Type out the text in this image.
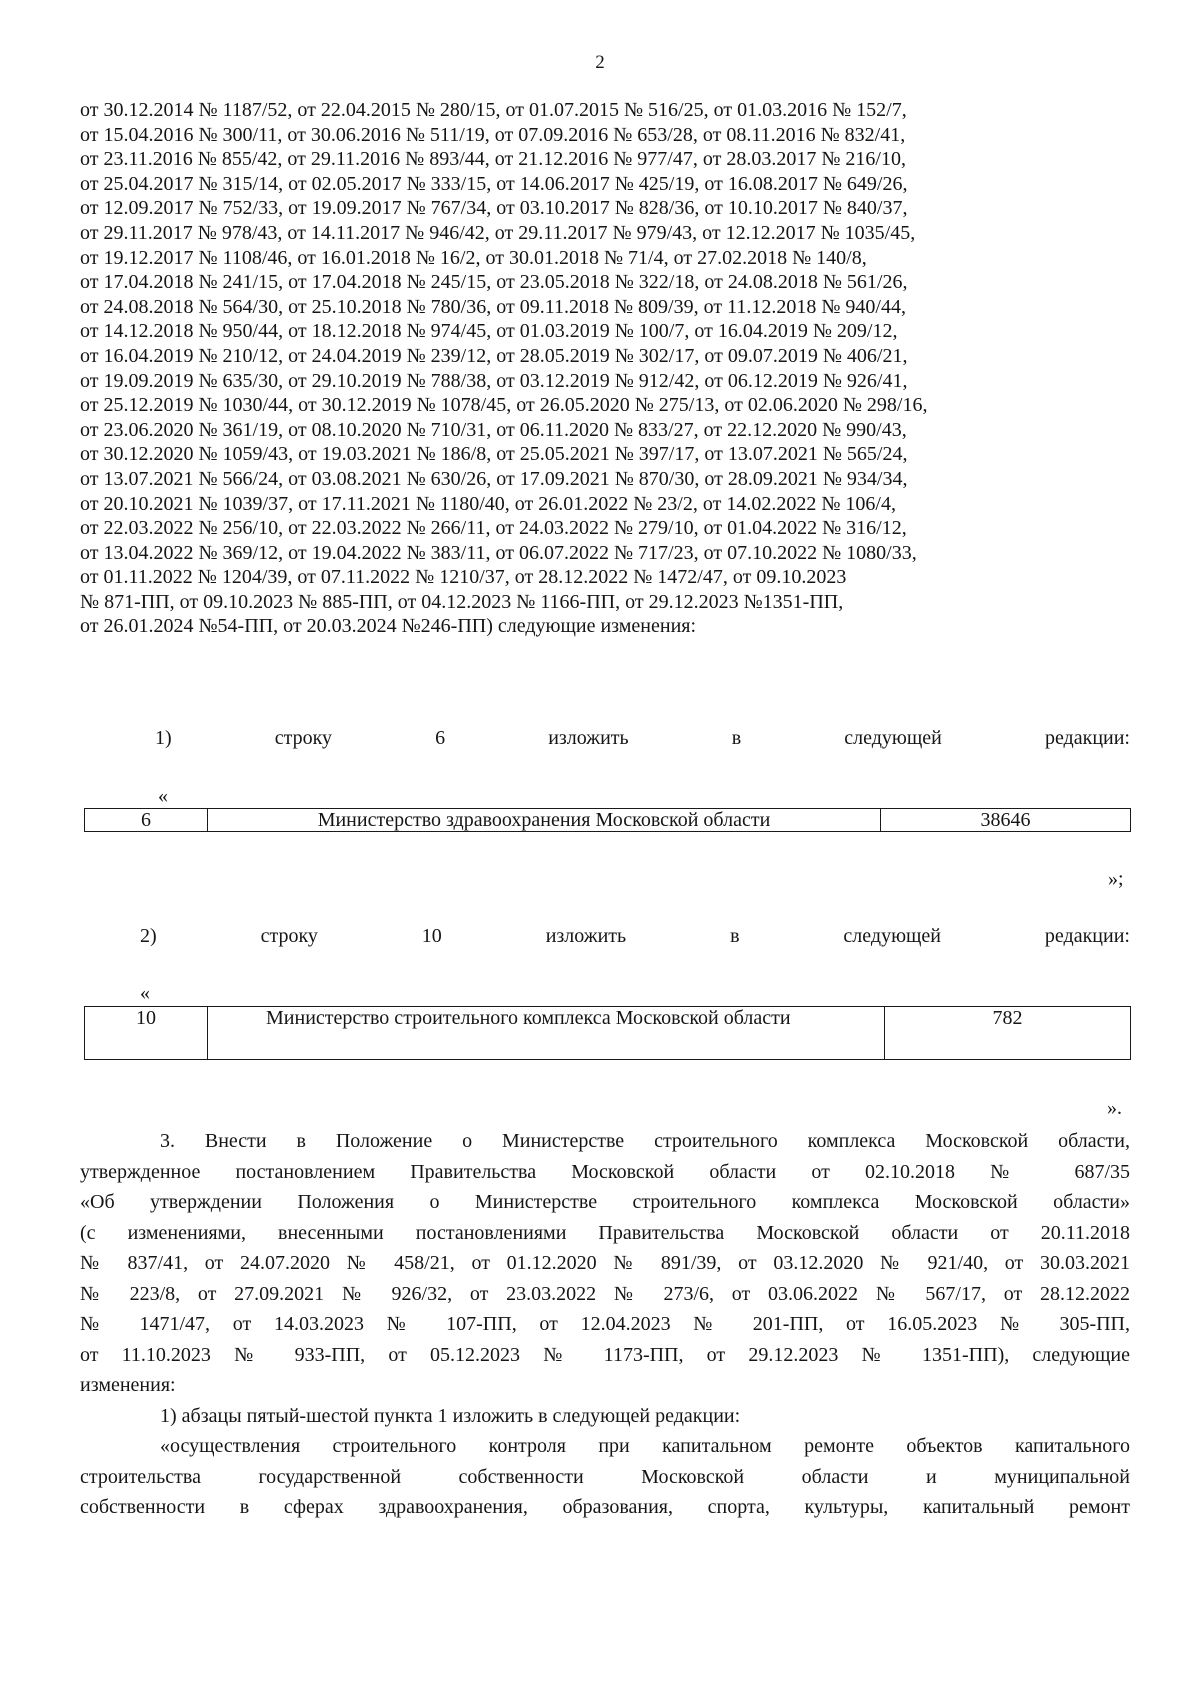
2

от 30.12.2014 № 1187/52, от 22.04.2015 № 280/15, от 01.07.2015 № 516/25, от 01.03.2016 № 152/7,

от 15.04.2016 № 300/11, от 30.06.2016 № 511/19, от 07.09.2016 № 653/28, от 08.11.2016 № 832/41,

от 23.11.2016 № 855/42, от 29.11.2016 № 893/44, от 21.12.2016 № 977/47, от 28.03.2017 № 216/10,

от 25.04.2017 № 315/14, от 02.05.2017 № 333/15, от 14.06.2017 № 425/19, от 16.08.2017 № 649/26,

от 12.09.2017 № 752/33, от 19.09.2017 № 767/34, от 03.10.2017 № 828/36, от 10.10.2017 № 840/37,

от 29.11.2017 № 978/43, от 14.11.2017 № 946/42, от 29.11.2017 № 979/43, от 12.12.2017 № 1035/45,

от 19.12.2017 № 1108/46, от 16.01.2018 № 16/2, от 30.01.2018 № 71/4, от 27.02.2018 № 140/8,

от 17.04.2018 № 241/15, от 17.04.2018 № 245/15, от 23.05.2018 № 322/18, от 24.08.2018 № 561/26,

от 24.08.2018 № 564/30, от 25.10.2018 № 780/36, от 09.11.2018 № 809/39, от 11.12.2018 № 940/44,

от 14.12.2018 № 950/44, от 18.12.2018 № 974/45, от 01.03.2019 № 100/7, от 16.04.2019 № 209/12,

от 16.04.2019 № 210/12, от 24.04.2019 № 239/12, от 28.05.2019 № 302/17, от 09.07.2019 № 406/21,

от 19.09.2019 № 635/30, от 29.10.2019 № 788/38, от 03.12.2019 № 912/42, от 06.12.2019 № 926/41,

от 25.12.2019 № 1030/44, от 30.12.2019 № 1078/45, от 26.05.2020 № 275/13, от 02.06.2020 № 298/16,

от 23.06.2020 № 361/19, от 08.10.2020 № 710/31, от 06.11.2020 № 833/27, от 22.12.2020 № 990/43,

от 30.12.2020 № 1059/43, от 19.03.2021 № 186/8, от 25.05.2021 № 397/17, от 13.07.2021 № 565/24,

от 13.07.2021 № 566/24, от 03.08.2021 № 630/26, от 17.09.2021 № 870/30, от 28.09.2021 № 934/34,

от 20.10.2021 № 1039/37, от 17.11.2021 № 1180/40, от 26.01.2022 № 23/2, от 14.02.2022 № 106/4,

от 22.03.2022 № 256/10, от 22.03.2022 № 266/11, от 24.03.2022 № 279/10, от 01.04.2022 № 316/12,

от 13.04.2022 № 369/12, от 19.04.2022 № 383/11, от 06.07.2022 № 717/23, от 07.10.2022 № 1080/33,

от 01.11.2022 № 1204/39, от 07.11.2022 № 1210/37, от 28.12.2022 № 1472/47, от 09.10.2023

№ 871-ПП, от 09.10.2023 № 885-ПП, от 04.12.2023 № 1166-ПП, от 29.12.2023 №1351-ПП,

от 26.01.2024 №54-ПП, от 20.03.2024 №246-ПП) следующие изменения:

1)	строку	6	изложить	в	следующей	редакции:
«
6	Министерство здравоохранения Московской области	38646
»;
2)	строку	10	изложить	в	следующей	редакции:
«
10	Министерство строительного комплекса Московской области	782
».

3. Внести в Положение о Министерстве строительного комплекса Московской области,

утвержденное постановлением Правительства Московской области от 02.10.2018 № 687/35

«Об утверждении Положения о Министерстве строительного комплекса Московской области»

(с изменениями, внесенными постановлениями Правительства Московской области от 20.11.2018

№ 837/41, от 24.07.2020 № 458/21, от 01.12.2020 № 891/39, от 03.12.2020 № 921/40, от 30.03.2021

№ 223/8, от 27.09.2021 № 926/32, от 23.03.2022 № 273/6, от 03.06.2022 № 567/17, от 28.12.2022

№ 1471/47, от 14.03.2023 № 107-ПП, от 12.04.2023 № 201-ПП, от 16.05.2023 № 305-ПП,

от 11.10.2023 № 933-ПП, от 05.12.2023 № 1173-ПП, от 29.12.2023 № 1351-ПП), следующие

изменения:

1) абзацы пятый-шестой пункта 1 изложить в следующей редакции:

«осуществления строительного контроля при капитальном ремонте объектов капитального

строительства государственной собственности Московской области и муниципальной

собственности в сферах здравоохранения, образования, спорта, культуры, капитальный ремонт
